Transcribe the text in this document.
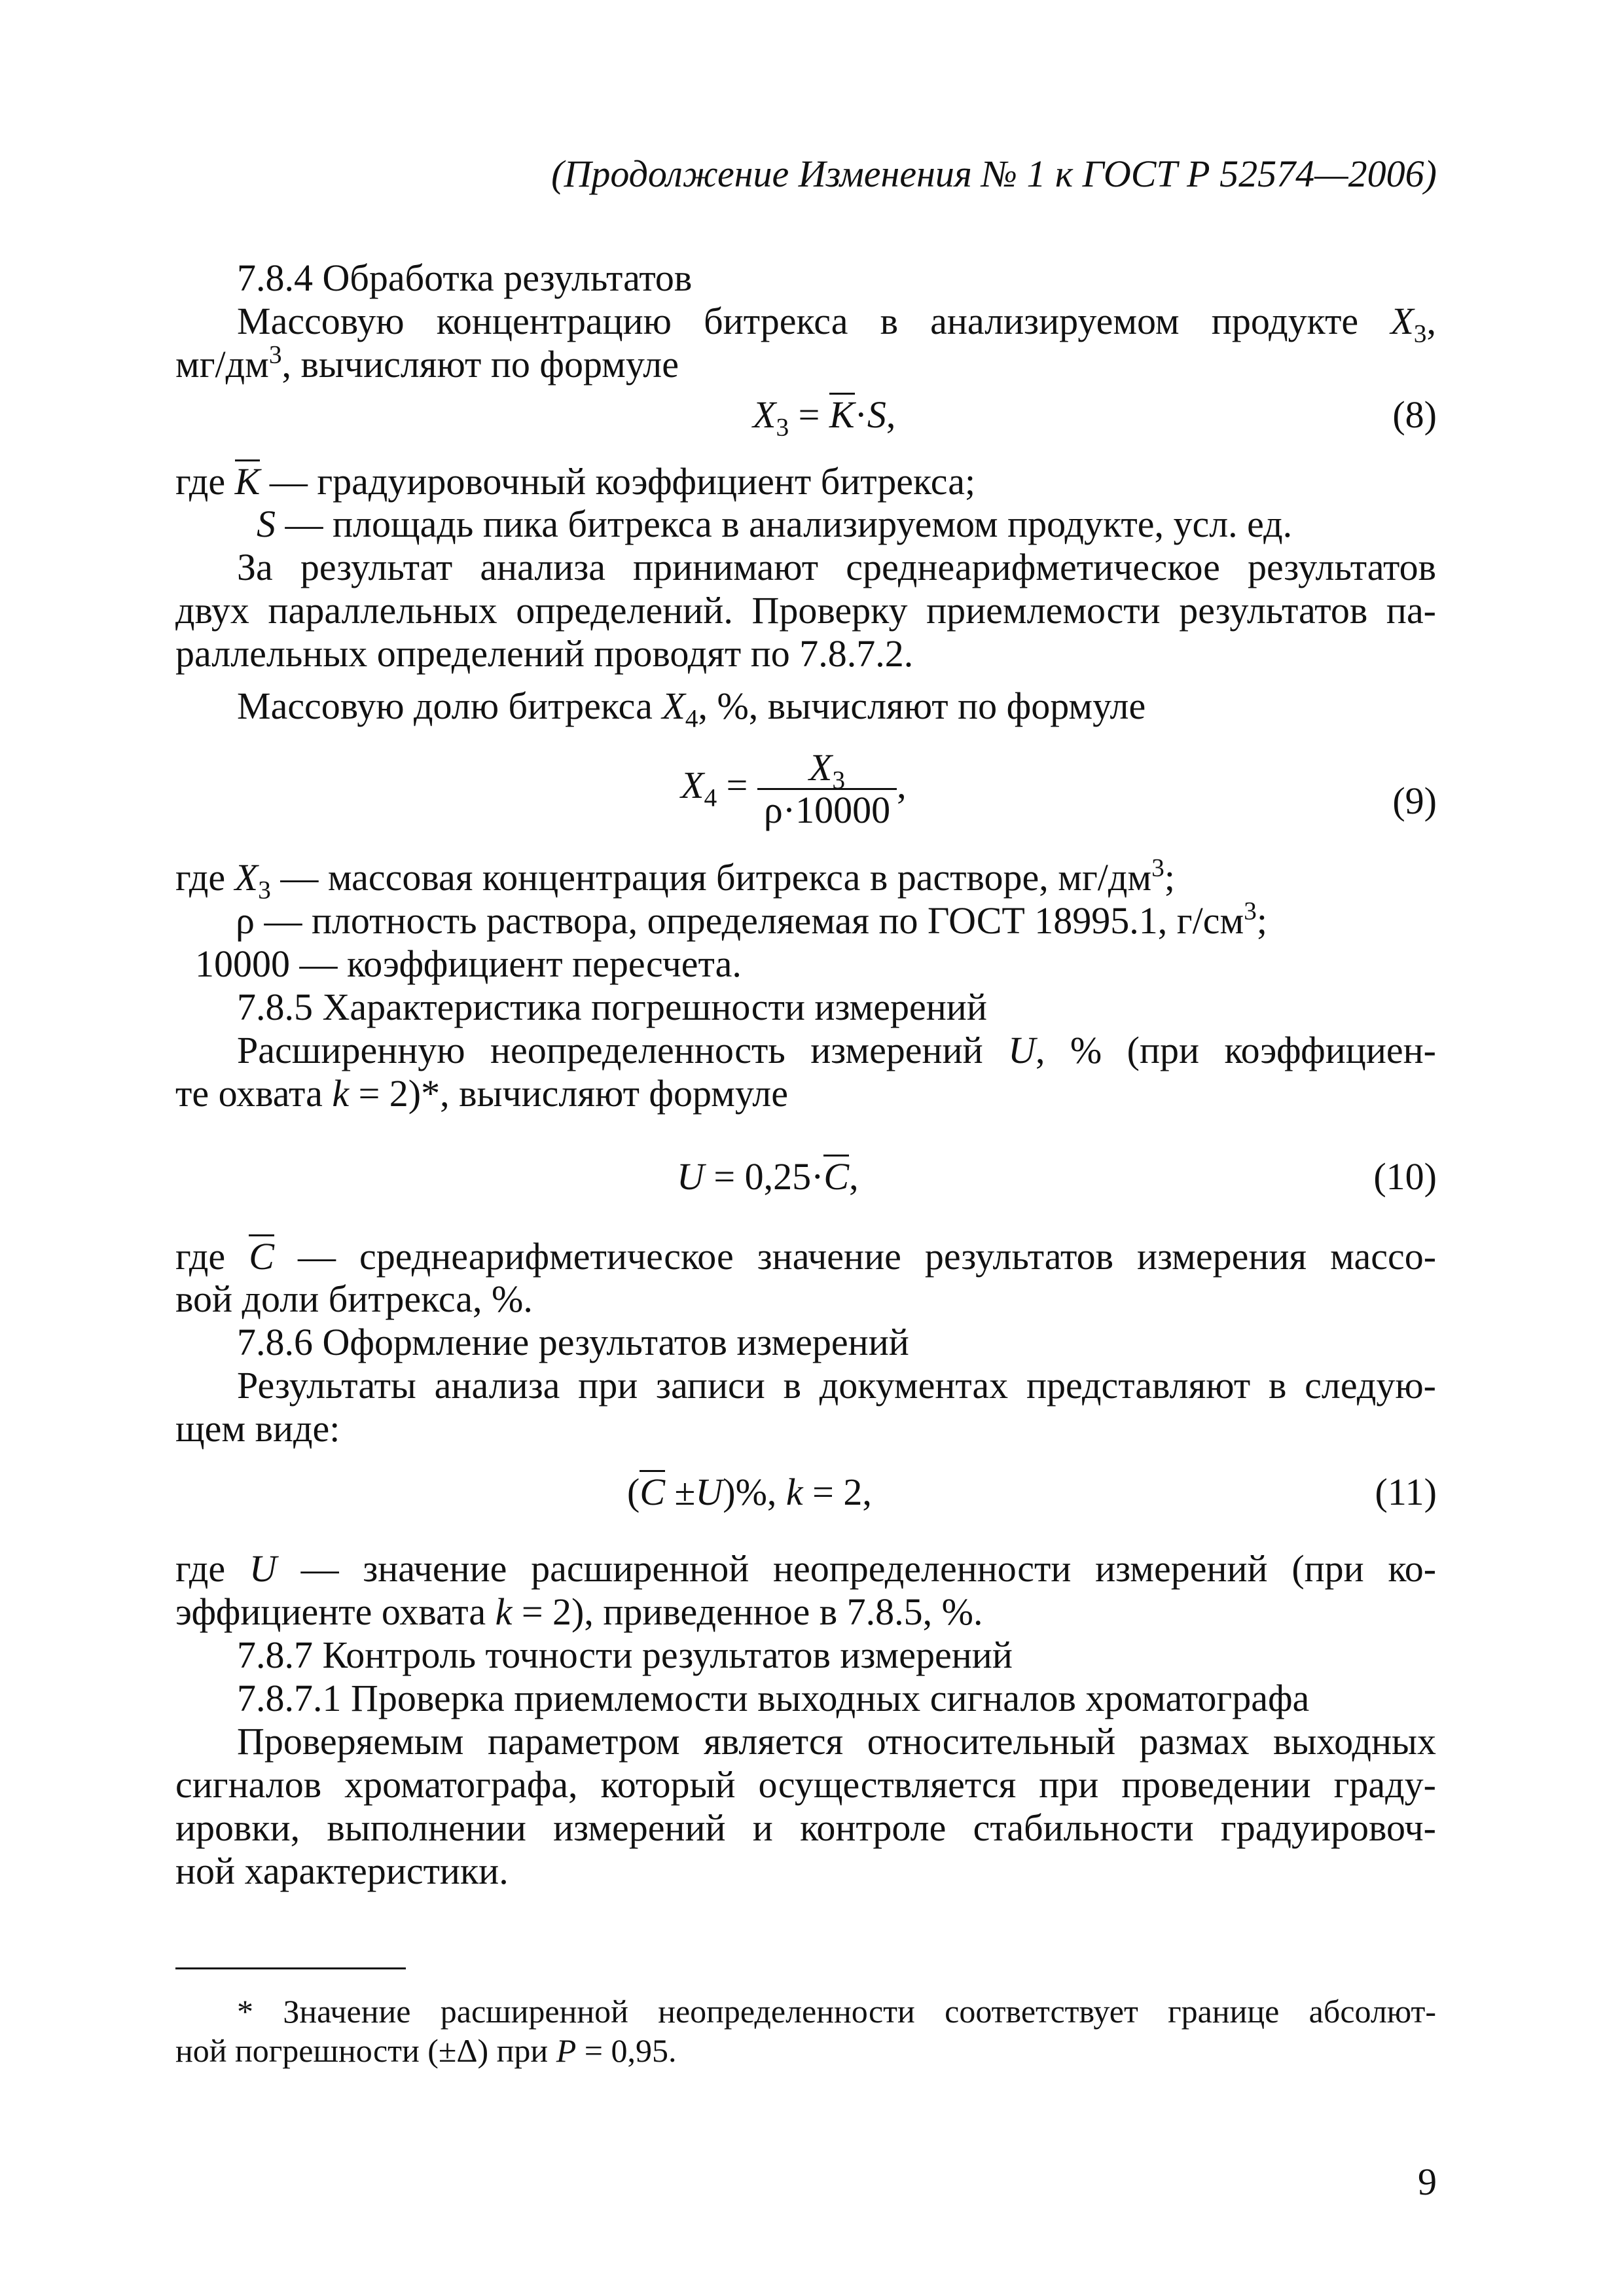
(Продолжение Изменения № 1 к ГОСТ Р 52574—2006)
7.8.4 Обработка результатов
Массовую концентрацию битрекса в анализируемом продукте $X_3$,
$мг/дм^3$, вычисляют по формуле
$X_3 = K\cdot S$,	(8)
где K — градуировочный коэффициент битрекса;
S — площадь пика битрекса в анализируемом продукте, усл. ед.
За результат анализа принимают среднеарифметическое результатов
двух параллельных определений. Проверку приемлемости результатов па-
раллельных определений проводят по 7.8.7.2.
Массовую долю битрекса $X_4$, %, вычисляют по формуле
$X_4 = \frac{X_3}{\rho\cdot 10000}$ ,	(9)
где $X_3$ — массовая концентрация битрекса в растворе, $мг/дм^3$;
ρ — плотность раствора, определяемая по ГОСТ 18995.1, $г/см^3$;
10000 — коэффициент пересчета.
7.8.5 Характеристика погрешности измерений
Расширенную неопределенность измерений U, % (при коэффициен-
те охвата k = 2)*, вычисляют формуле
U = 0,25·C,	(10)
где C — среднеарифметическое значение результатов измерения массо-
вой доли битрекса, %.
7.8.6 Оформление результатов измерений
Результаты анализа при записи в документах представляют в следую-
щем виде:
(C ±U)%, k = 2,	(11)
где U — значение расширенной неопределенности измерений (при ко-
эффициенте охвата k = 2), приведенное в 7.8.5, %.
7.8.7 Контроль точности результатов измерений
7.8.7.1 Проверка приемлемости выходных сигналов хроматографа
Проверяемым параметром является относительный размах выходных
сигналов хроматографа, который осуществляется при проведении граду-
ировки, выполнении измерений и контроле стабильности градуировоч-
ной характеристики.
* Значение расширенной неопределенности соответствует границе абсолют-
ной погрешности (±Δ) при P = 0,95.
9
